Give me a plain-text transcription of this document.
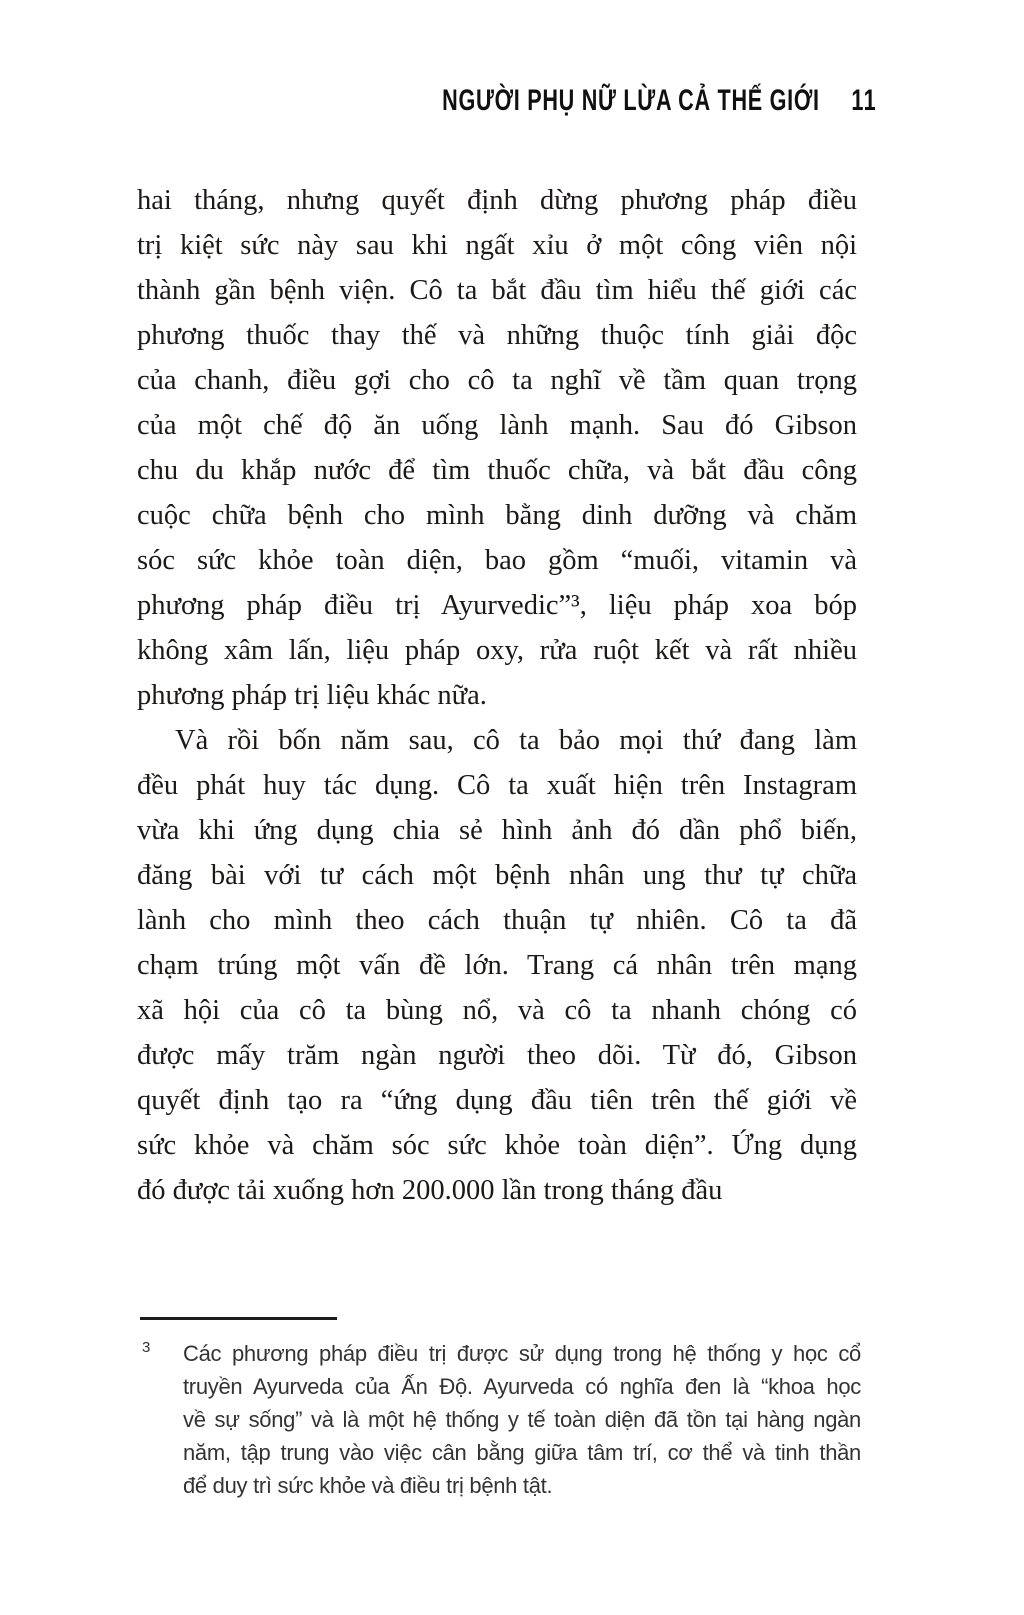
NGƯỜI PHỤ NỮ LỪA CẢ THẾ GIỚI 11
hai tháng, nhưng quyết định dừng phương pháp điều
trị kiệt sức này sau khi ngất xỉu ở một công viên nội
thành gần bệnh viện. Cô ta bắt đầu tìm hiểu thế giới các
phương thuốc thay thế và những thuộc tính giải độc
của chanh, điều gợi cho cô ta nghĩ về tầm quan trọng
của một chế độ ăn uống lành mạnh. Sau đó Gibson
chu du khắp nước để tìm thuốc chữa, và bắt đầu công
cuộc chữa bệnh cho mình bằng dinh dưỡng và chăm
sóc sức khỏe toàn diện, bao gồm “muối, vitamin và
phương pháp điều trị Ayurvedic”³, liệu pháp xoa bóp
không xâm lấn, liệu pháp oxy, rửa ruột kết và rất nhiều
phương pháp trị liệu khác nữa.
Và rồi bốn năm sau, cô ta bảo mọi thứ đang làm
đều phát huy tác dụng. Cô ta xuất hiện trên Instagram
vừa khi ứng dụng chia sẻ hình ảnh đó dần phổ biến,
đăng bài với tư cách một bệnh nhân ung thư tự chữa
lành cho mình theo cách thuận tự nhiên. Cô ta đã
chạm trúng một vấn đề lớn. Trang cá nhân trên mạng
xã hội của cô ta bùng nổ, và cô ta nhanh chóng có
được mấy trăm ngàn người theo dõi. Từ đó, Gibson
quyết định tạo ra “ứng dụng đầu tiên trên thế giới về
sức khỏe và chăm sóc sức khỏe toàn diện”. Ứng dụng
đó được tải xuống hơn 200.000 lần trong tháng đầu
3	Các phương pháp điều trị được sử dụng trong hệ thống y học cổ
truyền Ayurveda của Ấn Độ. Ayurveda có nghĩa đen là “khoa học
về sự sống” và là một hệ thống y tế toàn diện đã tồn tại hàng ngàn
năm, tập trung vào việc cân bằng giữa tâm trí, cơ thể và tinh thần
để duy trì sức khỏe và điều trị bệnh tật.
